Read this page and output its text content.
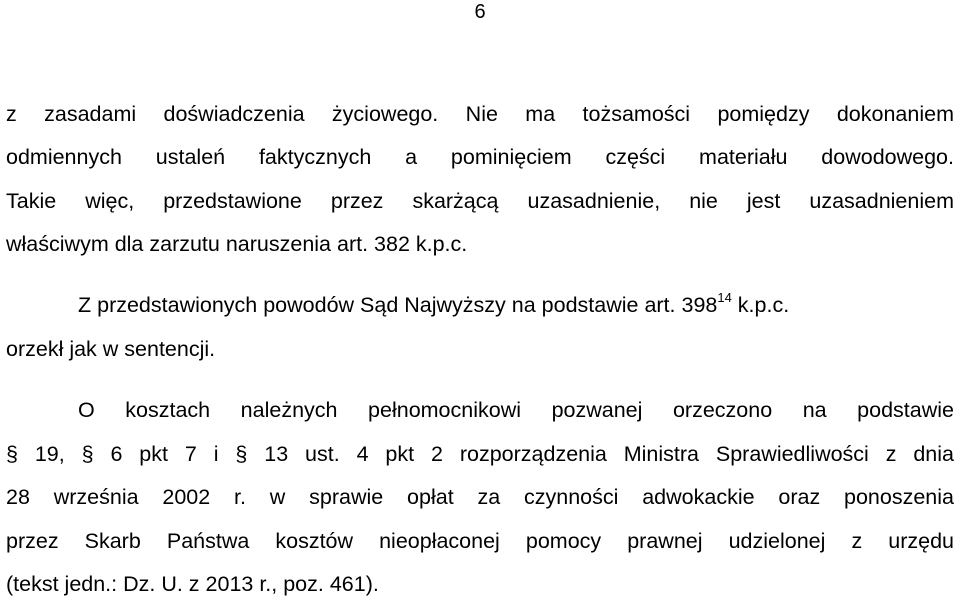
6
z zasadami doświadczenia życiowego. Nie ma tożsamości pomiędzy dokonaniem
odmiennych ustaleń faktycznych a pominięciem części materiału dowodowego.
Takie więc, przedstawione przez skarżącą uzasadnienie, nie jest uzasadnieniem
właściwym dla zarzutu naruszenia art. 382 k.p.c.
Z przedstawionych powodów Sąd Najwyższy na podstawie art. $398^{14}$ k.p.c.
orzekł jak w sentencji.
O kosztach należnych pełnomocnikowi pozwanej orzeczono na podstawie
§ 19, § 6 pkt 7 i § 13 ust. 4 pkt 2 rozporządzenia Ministra Sprawiedliwości z dnia
28 września 2002 r. w sprawie opłat za czynności adwokackie oraz ponoszenia
przez Skarb Państwa kosztów nieopłaconej pomocy prawnej udzielonej z urzędu
(tekst jedn.: Dz. U. z 2013 r., poz. 461).
